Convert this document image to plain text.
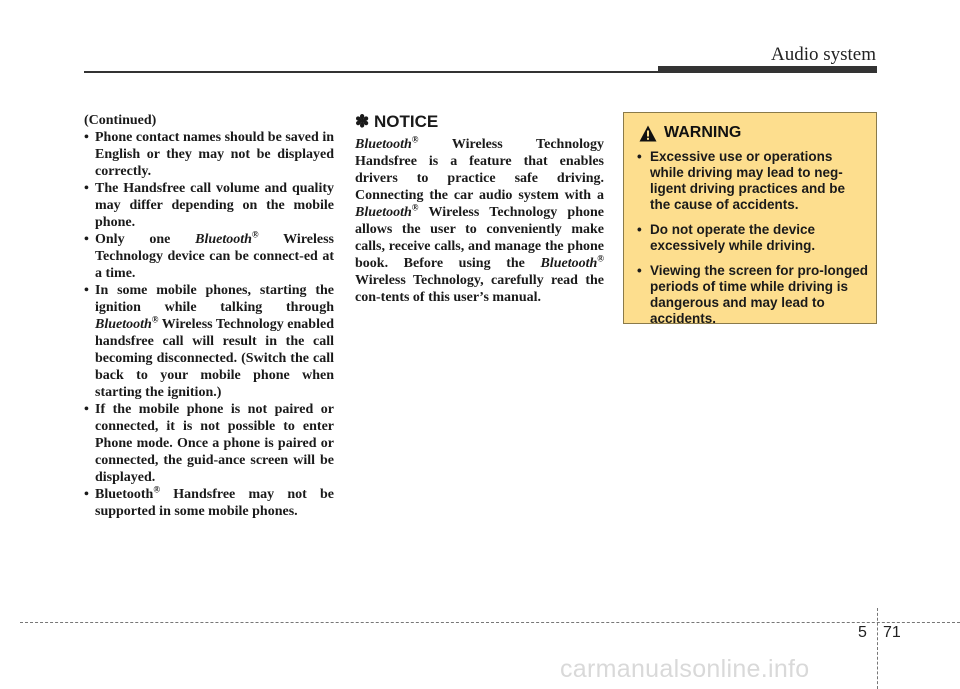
Audio system

(Continued)

• Phone contact names should be saved in English or they may not be displayed correctly.

• The Handsfree call volume and quality may differ depending on the mobile phone.

• Only one Bluetooth® Wireless Technology device can be connect-ed at a time.

• In some mobile phones, starting the ignition while talking through Bluetooth® Wireless Technology enabled handsfree call will result in the call becoming disconnected. (Switch the call back to your mobile phone when starting the ignition.)

• If the mobile phone is not paired or connected, it is not possible to enter Phone mode. Once a phone is paired or connected, the guid-ance screen will be displayed.

• Bluetooth® Handsfree may not be supported in some mobile phones.

✽ NOTICE

Bluetooth® Wireless Technology Handsfree is a feature that enables drivers to practice safe driving. Connecting the car audio system with a Bluetooth® Wireless Technology phone allows the user to conveniently make calls, receive calls, and manage the phone book. Before using the Bluetooth® Wireless Technology, carefully read the con-tents of this user’s manual.

WARNING
• Excessive use or operations while driving may lead to neg-ligent driving practices and be the cause of accidents.
• Do not operate the device excessively while driving.
• Viewing the screen for pro-longed periods of time while driving is dangerous and may lead to accidents.
5 71
carmanualsonline.info
